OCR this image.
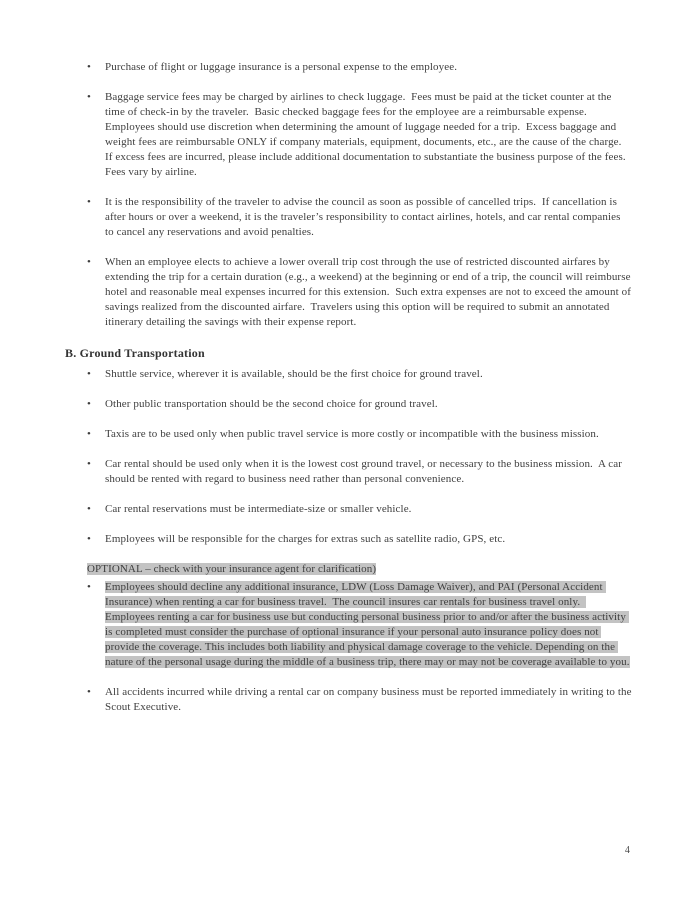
• Purchase of flight or luggage insurance is a personal expense to the employee.
• Baggage service fees may be charged by airlines to check luggage.  Fees must be paid at the ticket counter at the time of check-in by the traveler.  Basic checked baggage fees for the employee are a reimbursable expense.  Employees should use discretion when determining the amount of luggage needed for a trip.  Excess baggage and weight fees are reimbursable ONLY if company materials, equipment, documents, etc., are the cause of the charge.  If excess fees are incurred, please include additional documentation to substantiate the business purpose of the fees.  Fees vary by airline.
• It is the responsibility of the traveler to advise the council as soon as possible of cancelled trips.  If cancellation is after hours or over a weekend, it is the traveler’s responsibility to contact airlines, hotels, and car rental companies to cancel any reservations and avoid penalties.
• When an employee elects to achieve a lower overall trip cost through the use of restricted discounted airfares by extending the trip for a certain duration (e.g., a weekend) at the beginning or end of a trip, the council will reimburse hotel and reasonable meal expenses incurred for this extension.  Such extra expenses are not to exceed the amount of savings realized from the discounted airfare.  Travelers using this option will be required to submit an annotated itinerary detailing the savings with their expense report.
B. Ground Transportation
• Shuttle service, wherever it is available, should be the first choice for ground travel.
• Other public transportation should be the second choice for ground travel.
• Taxis are to be used only when public travel service is more costly or incompatible with the business mission.
• Car rental should be used only when it is the lowest cost ground travel, or necessary to the business mission.  A car should be rented with regard to business need rather than personal convenience.
• Car rental reservations must be intermediate-size or smaller vehicle.
• Employees will be responsible for the charges for extras such as satellite radio, GPS, etc.
OPTIONAL – check with your insurance agent for clarification)
• Employees should decline any additional insurance, LDW (Loss Damage Waiver), and PAI (Personal Accident Insurance) when renting a car for business travel.  The council insures car rentals for business travel only.  Employees renting a car for business use but conducting personal business prior to and/or after the business activity is completed must consider the purchase of optional insurance if your personal auto insurance policy does not provide the coverage. This includes both liability and physical damage coverage to the vehicle. Depending on the nature of the personal usage during the middle of a business trip, there may or may not be coverage available to you.
• All accidents incurred while driving a rental car on company business must be reported immediately in writing to the Scout Executive.
4
